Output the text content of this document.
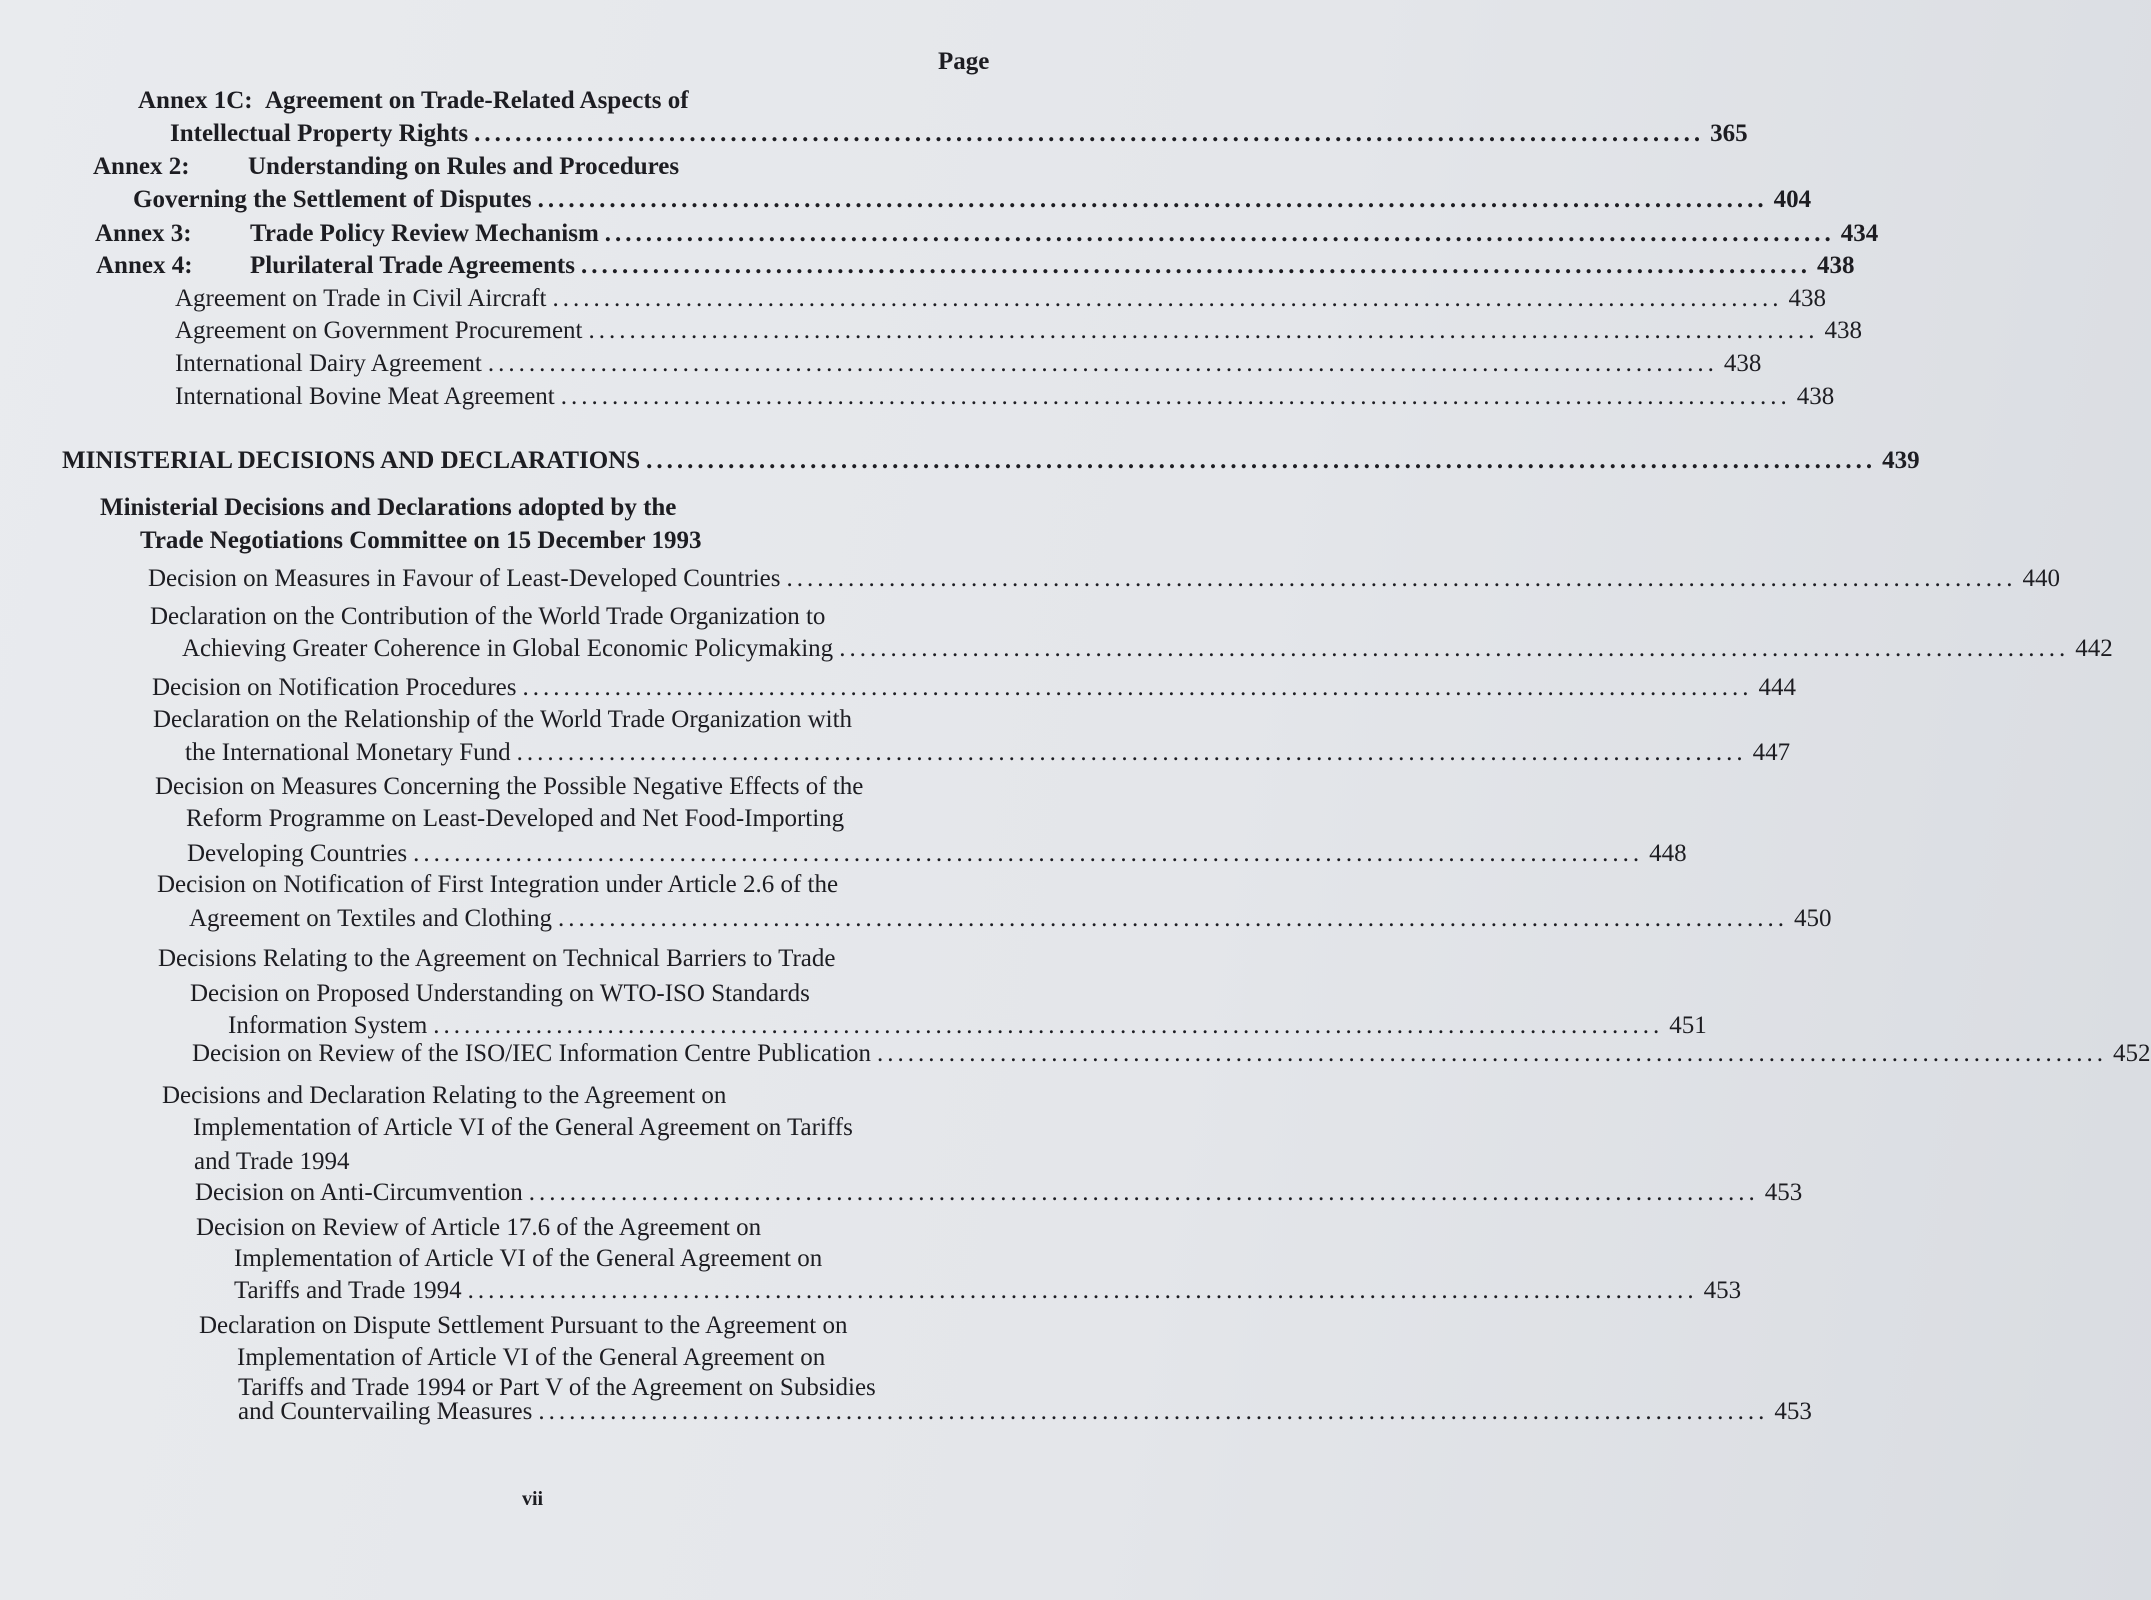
Page
Annex 1C: Agreement on Trade-Related Aspects of
Intellectual Property Rights ........................................................................................................................ 365
Annex 2: Understanding on Rules and Procedures
Governing the Settlement of Disputes ........................................................................................................................ 404
Annex 3: Trade Policy Review Mechanism ........................................................................................................................ 434
Annex 4: Plurilateral Trade Agreements ........................................................................................................................ 438
Agreement on Trade in Civil Aircraft ........................................................................................................................ 438
Agreement on Government Procurement ........................................................................................................................ 438
International Dairy Agreement ........................................................................................................................ 438
International Bovine Meat Agreement ........................................................................................................................ 438
MINISTERIAL DECISIONS AND DECLARATIONS ........................................................................................................................ 439
Ministerial Decisions and Declarations adopted by the
Trade Negotiations Committee on 15 December 1993
Decision on Measures in Favour of Least-Developed Countries ........................................................................................................................ 440
Declaration on the Contribution of the World Trade Organization to
Achieving Greater Coherence in Global Economic Policymaking ........................................................................................................................ 442
Decision on Notification Procedures ........................................................................................................................ 444
Declaration on the Relationship of the World Trade Organization with
the International Monetary Fund ........................................................................................................................ 447
Decision on Measures Concerning the Possible Negative Effects of the
Reform Programme on Least-Developed and Net Food-Importing
Developing Countries ........................................................................................................................ 448
Decision on Notification of First Integration under Article 2.6 of the
Agreement on Textiles and Clothing ........................................................................................................................ 450
Decisions Relating to the Agreement on Technical Barriers to Trade
Decision on Proposed Understanding on WTO-ISO Standards
Information System ........................................................................................................................ 451
Decision on Review of the ISO/IEC Information Centre Publication ........................................................................................................................ 452
Decisions and Declaration Relating to the Agreement on
Implementation of Article VI of the General Agreement on Tariffs
and Trade 1994
Decision on Anti-Circumvention ........................................................................................................................ 453
Decision on Review of Article 17.6 of the Agreement on
Implementation of Article VI of the General Agreement on
Tariffs and Trade 1994 ........................................................................................................................ 453
Declaration on Dispute Settlement Pursuant to the Agreement on
Implementation of Article VI of the General Agreement on
Tariffs and Trade 1994 or Part V of the Agreement on Subsidies
and Countervailing Measures ........................................................................................................................ 453
vii
